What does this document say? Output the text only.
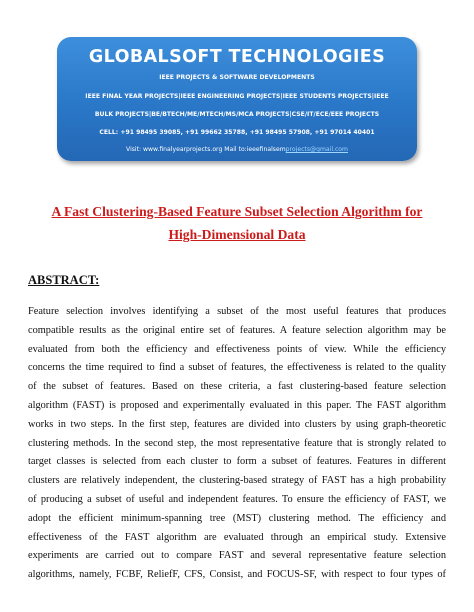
GLOBALSOFT TECHNOLOGIES
IEEE PROJECTS & SOFTWARE DEVELOPMENTS
IEEE FINAL YEAR PROJECTS|IEEE ENGINEERING PROJECTS|IEEE STUDENTS PROJECTS|IEEE
BULK PROJECTS|BE/BTECH/ME/MTECH/MS/MCA PROJECTS|CSE/IT/ECE/EEE PROJECTS
CELL: +91 98495 39085, +91 99662 35788, +91 98495 57908, +91 97014 40401
Visit: www.finalyearprojects.org Mail to:ieeefinalsemprojects@gmail.com
A Fast Clustering-Based Feature Subset Selection Algorithm for
High-Dimensional Data
ABSTRACT:
Feature selection involves identifying a subset of the most useful features that produces
compatible results as the original entire set of features. A feature selection algorithm may be
evaluated from both the efficiency and effectiveness points of view. While the efficiency
concerns the time required to find a subset of features, the effectiveness is related to the quality
of the subset of features. Based on these criteria, a fast clustering-based feature selection
algorithm (FAST) is proposed and experimentally evaluated in this paper. The FAST algorithm
works in two steps. In the first step, features are divided into clusters by using graph-theoretic
clustering methods. In the second step, the most representative feature that is strongly related to
target classes is selected from each cluster to form a subset of features. Features in different
clusters are relatively independent, the clustering-based strategy of FAST has a high probability
of producing a subset of useful and independent features. To ensure the efficiency of FAST, we
adopt the efficient minimum-spanning tree (MST) clustering method. The efficiency and
effectiveness of the FAST algorithm are evaluated through an empirical study. Extensive
experiments are carried out to compare FAST and several representative feature selection
algorithms, namely, FCBF, ReliefF, CFS, Consist, and FOCUS-SF, with respect to four types of
